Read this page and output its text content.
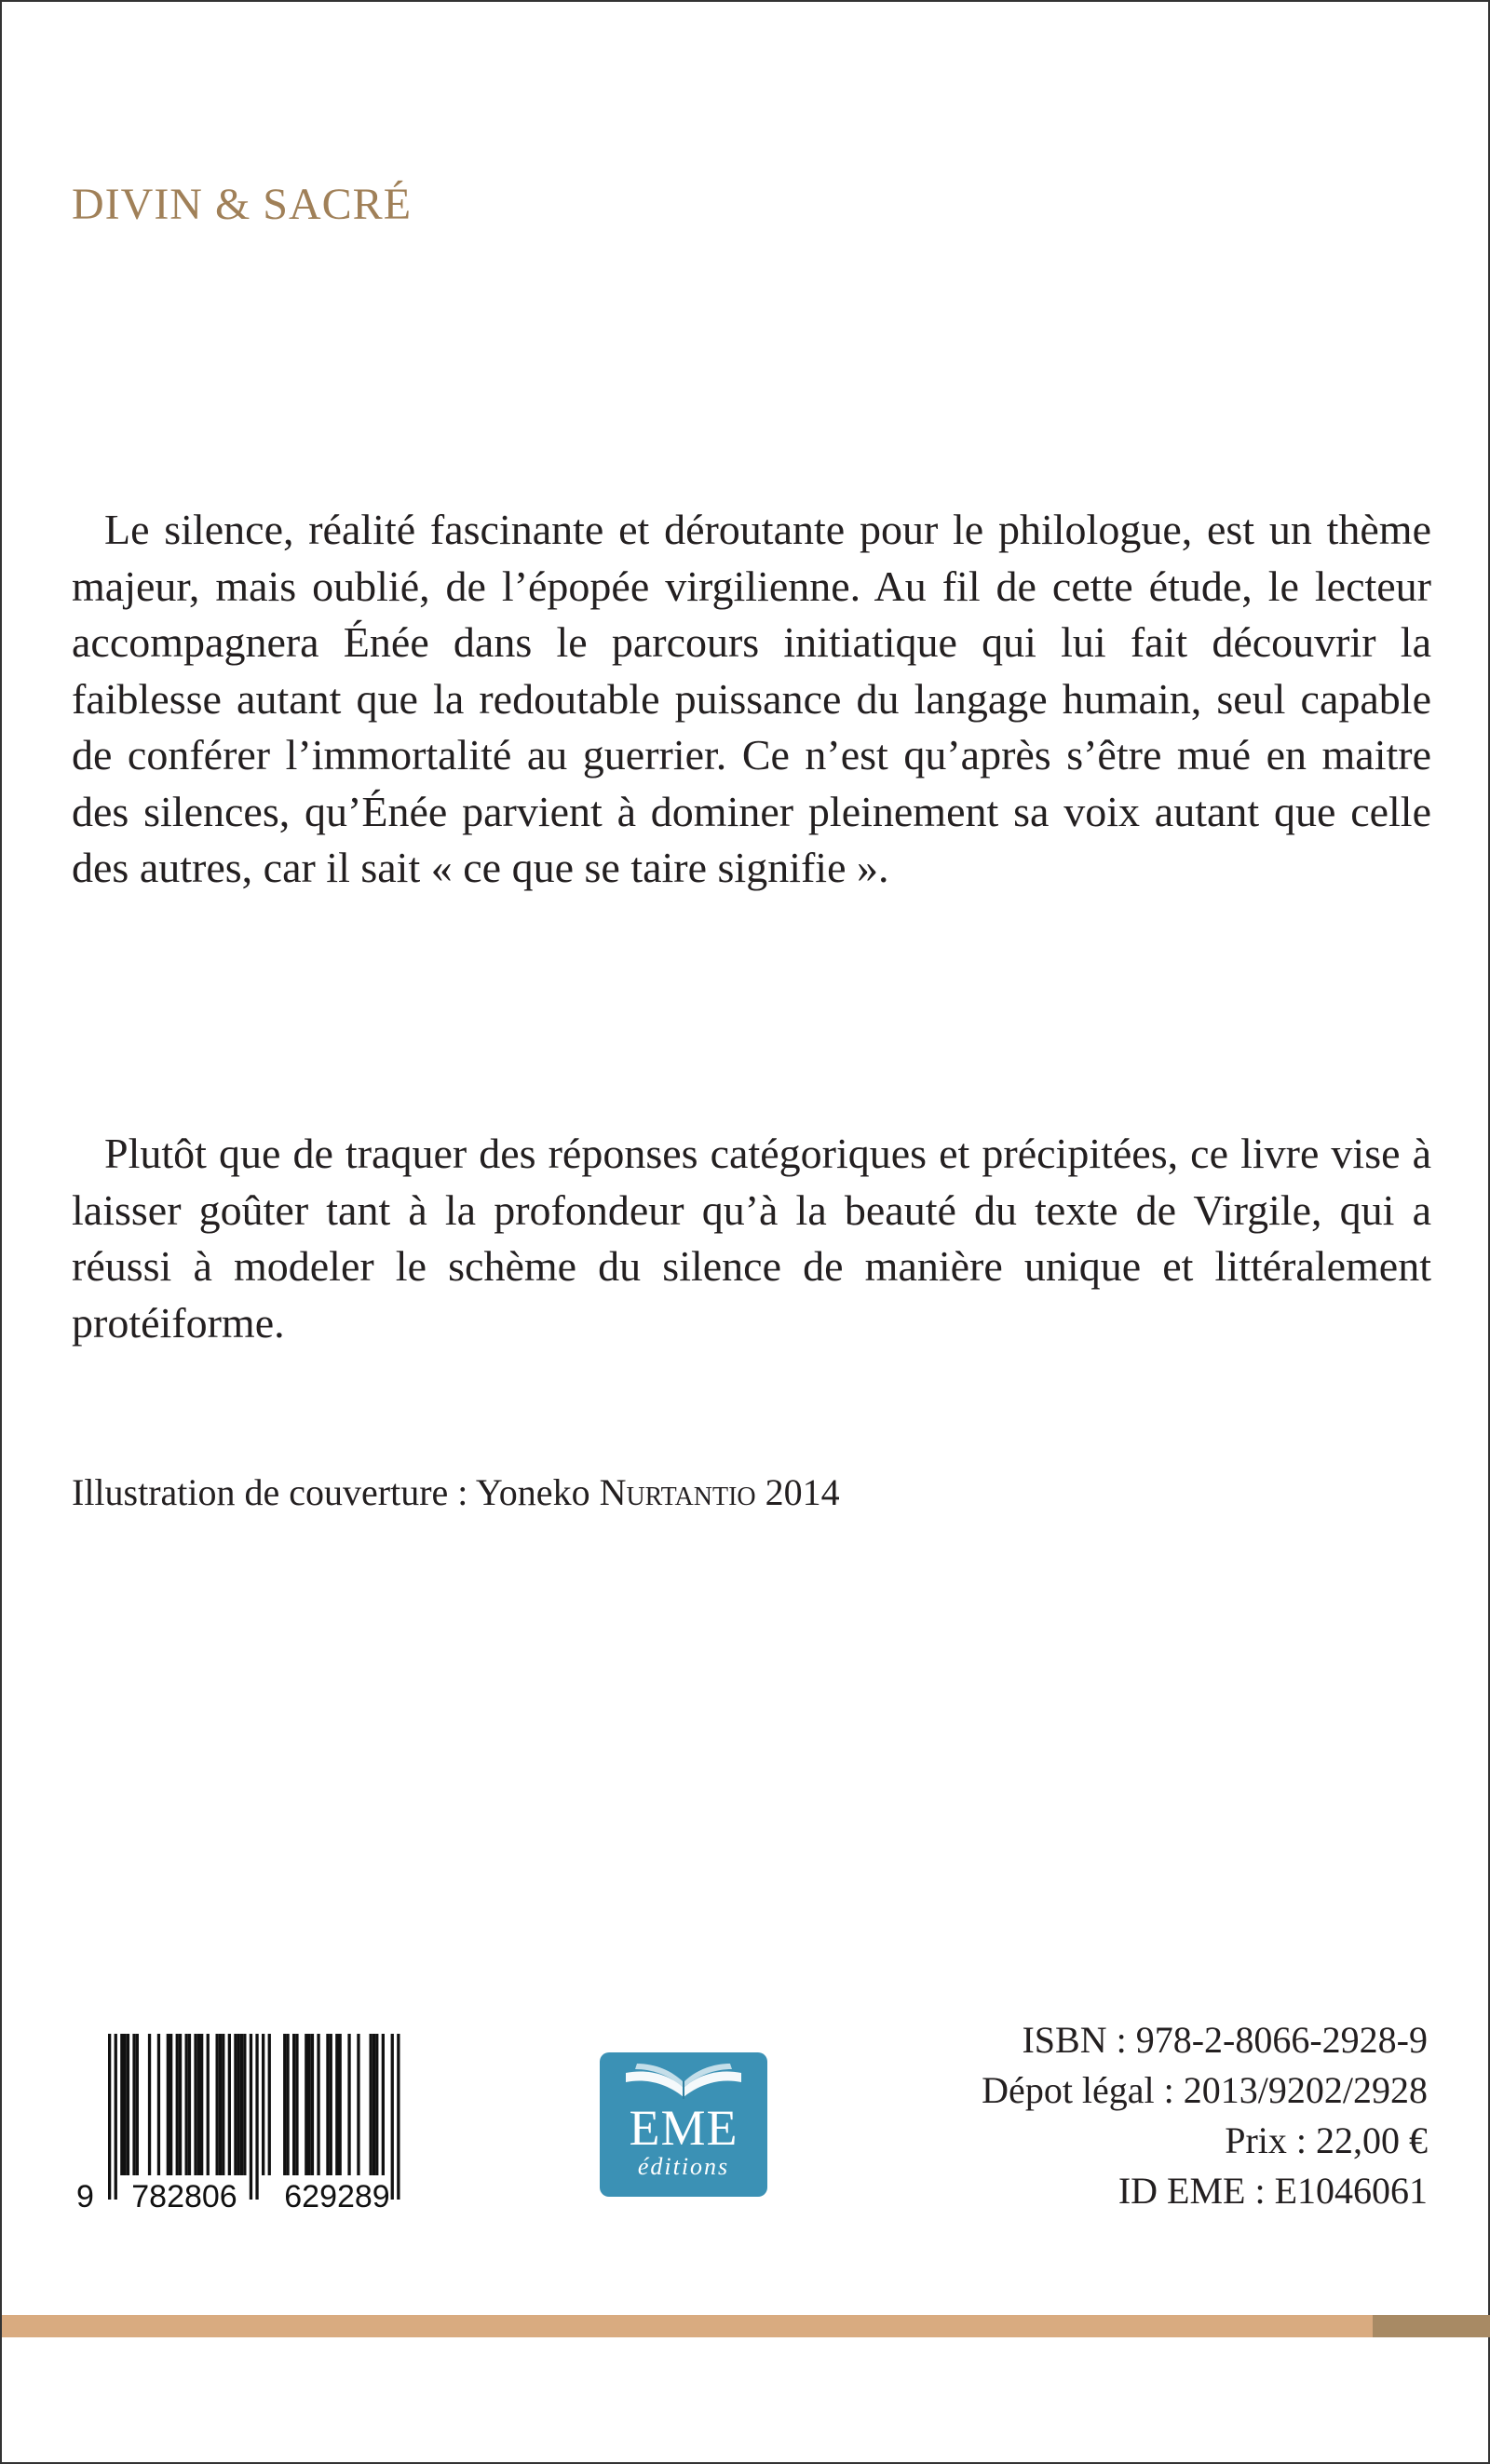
DIVIN & SACRÉ

Le silence, réalité fascinante et déroutante pour le philologue, est un thème majeur, mais oublié, de l’épopée virgilienne. Au fil de cette étude, le lecteur accompagnera Énée dans le parcours initiatique qui lui fait découvrir la faiblesse autant que la redoutable puissance du langage humain, seul capable de conférer l’immortalité au guerrier. Ce n’est qu’après s’être mué en maitre des silences, qu’Énée parvient à dominer pleinement sa voix autant que celle des autres, car il sait « ce que se taire signifie ».

Plutôt que de traquer des réponses catégoriques et précipitées, ce livre vise à laisser goûter tant à la profondeur qu’à la beauté du texte de Virgile, qui a réussi à modeler le schème du silence de manière unique et littéralement protéiforme.

Illustration de couverture : Yoneko Nurtantio 2014

9 782806 629289
EME
éditions
ISBN : 978-2-8066-2928-9
Dépot légal : 2013/9202/2928
Prix : 22,00 €
ID EME : E1046061
